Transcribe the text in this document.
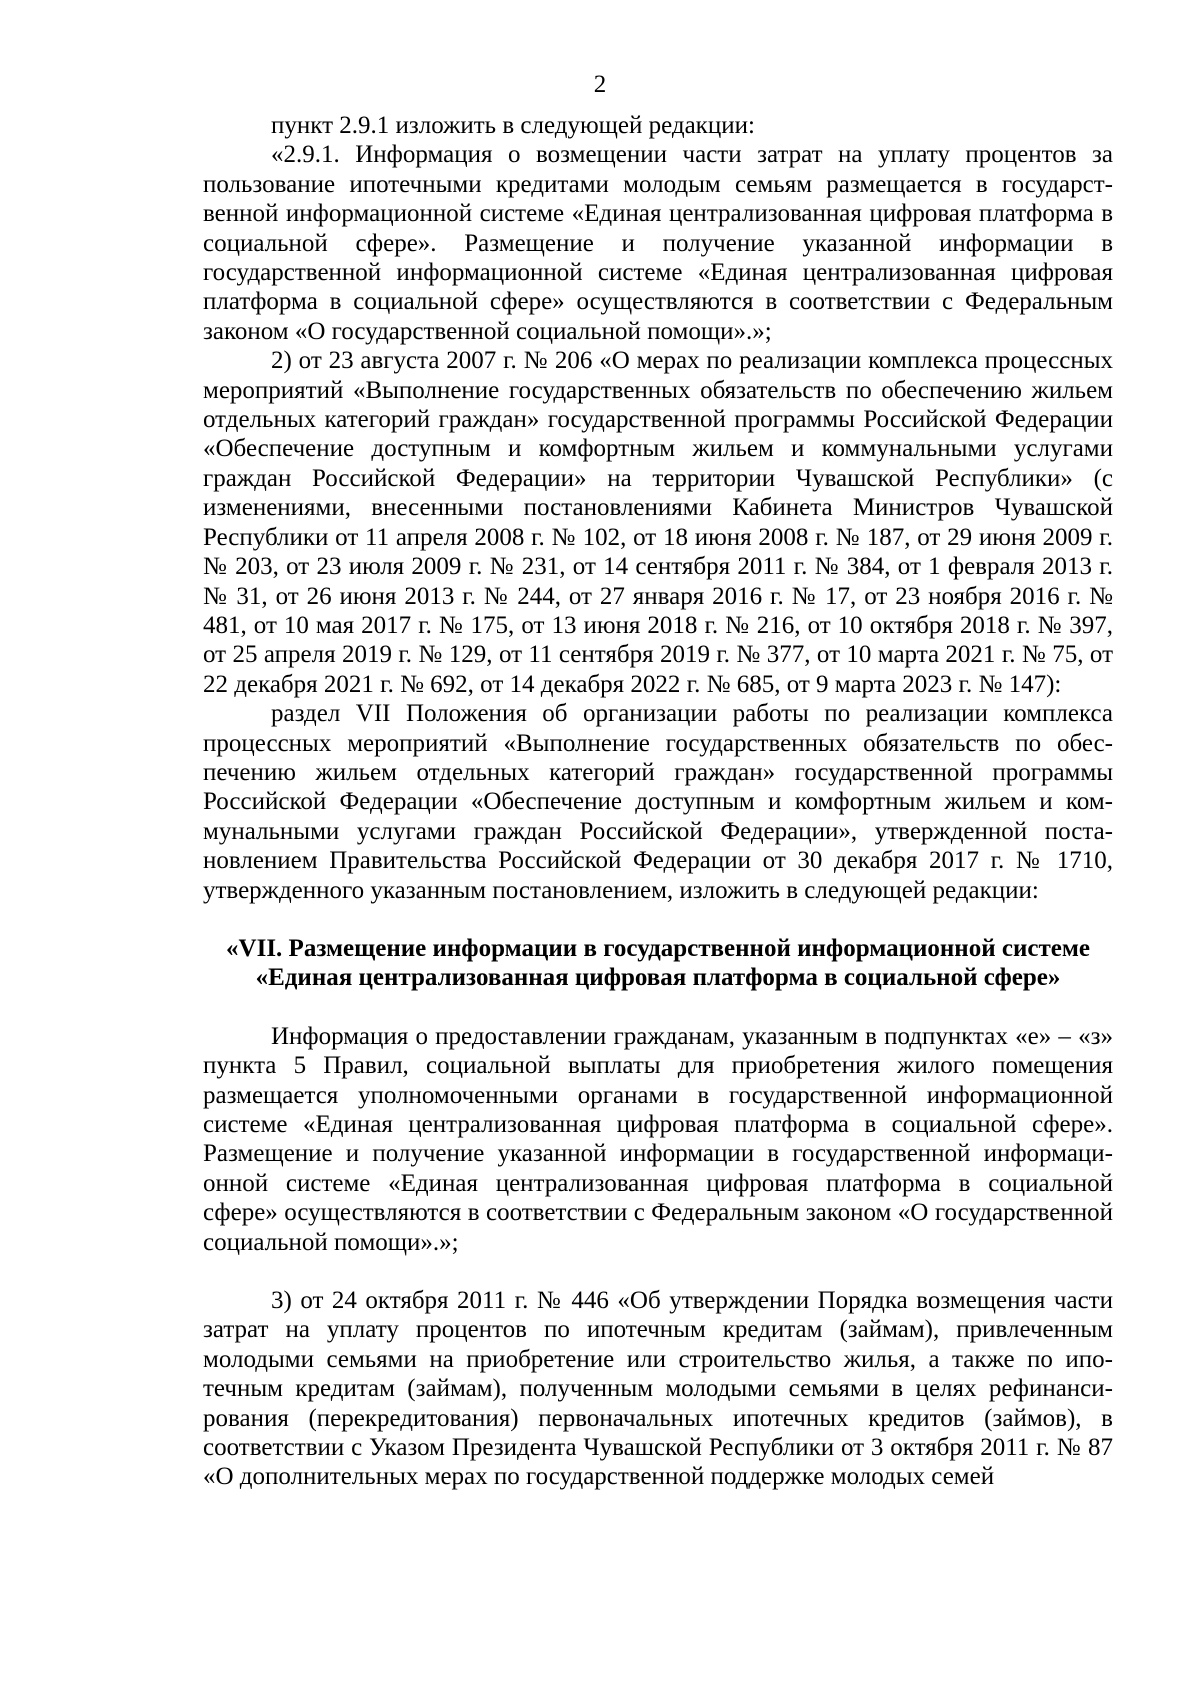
2

пункт 2.9.1 изложить в следующей редакции:

«2.9.1. Информация о возмещении части затрат на уплату процентов за пользование ипотечными кредитами молодым семьям размещается в государственной информационной системе «Единая централизованная цифровая платформа в социальной сфере». Размещение и получение указанной информации в государственной информационной системе «Единая централизованная цифровая платформа в социальной сфере» осуществляются в соответствии с Федеральным законом «О государственной социальной помощи».»;

2) от 23 августа 2007 г. № 206 «О мерах по реализации комплекса процессных мероприятий «Выполнение государственных обязательств по обеспечению жильем отдельных категорий граждан» государственной программы Российской Федерации «Обеспечение доступным и комфортным жильем и коммунальными услугами граждан Российской Федерации» на территории Чувашской Республики» (с изменениями, внесенными постановлениями Кабинета Министров Чувашской Республики от 11 апреля 2008 г. № 102, от 18 июня 2008 г. № 187, от 29 июня 2009 г. № 203, от 23 июля 2009 г. № 231, от 14 сентября 2011 г. № 384, от 1 февраля 2013 г. № 31, от 26 июня 2013 г. № 244, от 27 января 2016 г. № 17, от 23 ноября 2016 г. № 481, от 10 мая 2017 г. № 175, от 13 июня 2018 г. № 216, от 10 октября 2018 г. № 397, от 25 апреля 2019 г. № 129, от 11 сентября 2019 г. № 377, от 10 марта 2021 г. № 75, от 22 декабря 2021 г. № 692, от 14 декабря 2022 г. № 685, от 9 марта 2023 г. № 147):

раздел VII Положения об организации работы по реализации комплекса процессных мероприятий «Выполнение государственных обязательств по обеспечению жильем отдельных категорий граждан» государственной программы Российской Федерации «Обеспечение доступным и комфортным жильем и коммунальными услугами граждан Российской Федерации», утвержденной постановлением Правительства Российской Федерации от 30 декабря 2017 г. № 1710, утвержденного указанным постановлением, изложить в следующей редакции:

«VII. Размещение информации в государственной информационной системе «Единая централизованная цифровая платформа в социальной сфере»

Информация о предоставлении гражданам, указанным в подпунктах «е» – «з» пункта 5 Правил, социальной выплаты для приобретения жилого помещения размещается уполномоченными органами в государственной информационной системе «Единая централизованная цифровая платформа в социальной сфере». Размещение и получение указанной информации в государственной информационной системе «Единая централизованная цифровая платформа в социальной сфере» осуществляются в соответствии с Федеральным законом «О государственной социальной помощи».»;

3) от 24 октября 2011 г. № 446 «Об утверждении Порядка возмещения части затрат на уплату процентов по ипотечным кредитам (займам), привлеченным молодыми семьями на приобретение или строительство жилья, а также по ипотечным кредитам (займам), полученным молодыми семьями в целях рефинансирования (перекредитования) первоначальных ипотечных кредитов (займов), в соответствии с Указом Президента Чувашской Республики от 3 октября 2011 г. № 87 «О дополнительных мерах по государственной поддержке молодых семей
